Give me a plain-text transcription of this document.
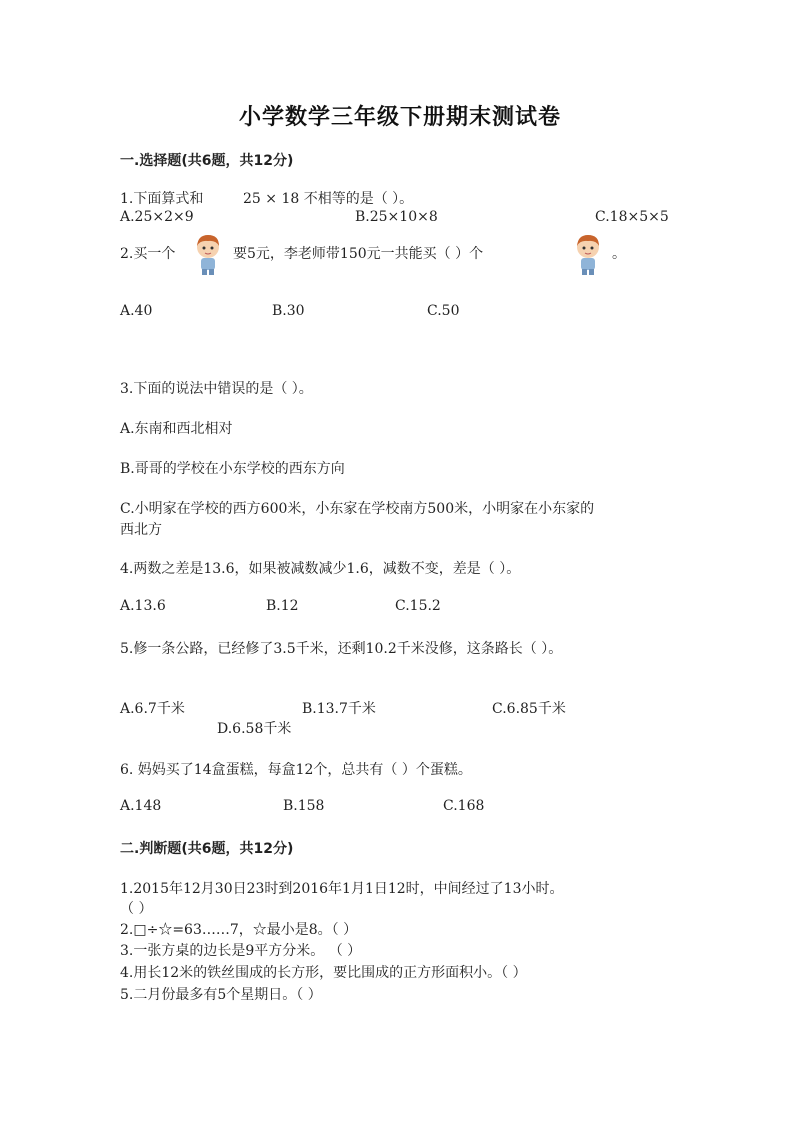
小学数学三年级下册期末测试卷
一.选择题(共6题，共12分)
1.下面算式和	25 × 18 不相等的是（ ）。
A.25×2×9	B.25×10×8	C.18×5×5
2.买一个	要5元，李老师带150元一共能买（ ）个	。
A.40	B.30	C.50
3.下面的说法中错误的是（ ）。
A.东南和西北相对
B.哥哥的学校在小东学校的西东方向
C.小明家在学校的西方600米，小东家在学校南方500米，小明家在小东家的
西北方
4.两数之差是13.6，如果被减数减少1.6，减数不变，差是（ ）。
A.13.6	B.12	C.15.2
5.修一条公路，已经修了3.5千米，还剩10.2千米没修，这条路长（ ）。
A.6.7千米	B.13.7千米	C.6.85千米
D.6.58千米
6. 妈妈买了14盒蛋糕，每盒12个，总共有（ ）个蛋糕。
A.148	B.158	C.168
二.判断题(共6题，共12分)
1.2015年12月30日23时到2016年1月1日12时，中间经过了13小时。
（ ）
2.□÷☆=63……7，☆最小是8。（ ）
3.一张方桌的边长是9平方分米。 （ ）
4.用长12米的铁丝围成的长方形，要比围成的正方形面积小。（ ）
5.二月份最多有5个星期日。（ ）
